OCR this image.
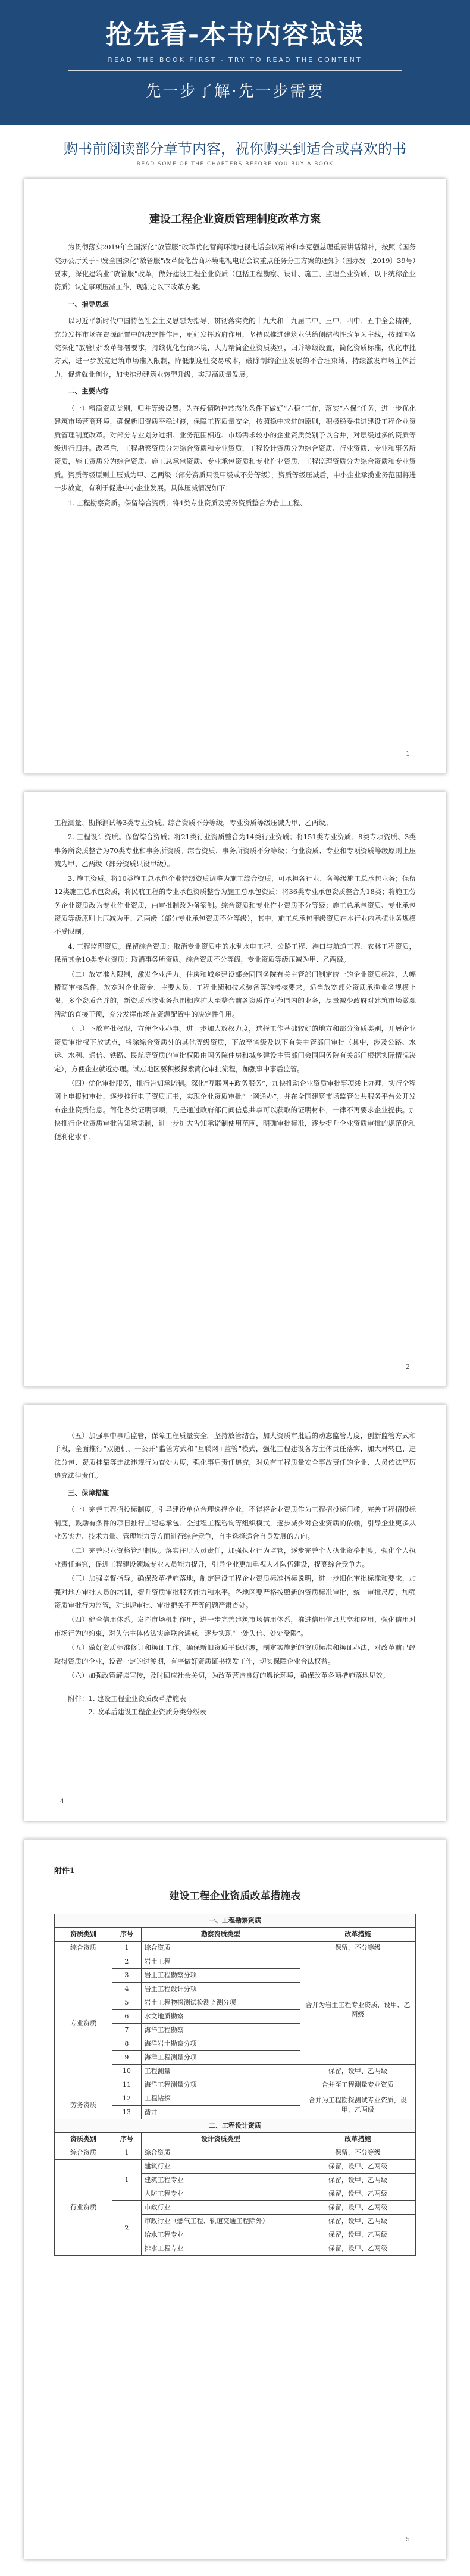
抢先看-本书内容试读
READ THE BOOK FIRST - TRY TO READ THE CONTENT
先一步了解·先一步需要
购书前阅读部分章节内容，祝你购买到适合或喜欢的书
READ SOME OF THE CHAPTERS BEFORE YOU BUY A BOOK
建设工程企业资质管理制度改革方案

为贯彻落实2019年全国深化“放管服”改革优化营商环境电视电话会议精神和李克强总理重要讲话精神，按照《国务院办公厅关于印发全国深化“放管服”改革优化营商环境电视电话会议重点任务分工方案的通知》（国办发〔2019〕39号）要求，深化建筑业“放管服”改革，做好建设工程企业资质（包括工程勘察、设计、施工、监理企业资质，以下统称企业资质）认定事项压减工作，现制定以下改革方案。

一、指导思想

以习近平新时代中国特色社会主义思想为指导，贯彻落实党的十九大和十九届二中、三中、四中、五中全会精神，充分发挥市场在资源配置中的决定性作用，更好发挥政府作用，坚持以推进建筑业供给侧结构性改革为主线，按照国务院深化“放管服”改革部署要求，持续优化营商环境，大力精简企业资质类别，归并等级设置，简化资质标准，优化审批方式，进一步放宽建筑市场准入限制，降低制度性交易成本，破除制约企业发展的不合理束缚，持续激发市场主体活力，促进就业创业，加快推动建筑业转型升级，实现高质量发展。

二、主要内容

（一）精简资质类别，归并等级设置。为在疫情防控常态化条件下做好“六稳”工作，落实“六保”任务，进一步优化建筑市场营商环境，确保新旧资质平稳过渡，保障工程质量安全，按照稳中求进的原则，积极稳妥推进建设工程企业资质管理制度改革。对部分专业划分过细、业务范围相近、市场需求较小的企业资质类别予以合并，对层级过多的资质等级进行归并。改革后，工程勘察资质分为综合资质和专业资质，工程设计资质分为综合资质、行业资质、专业和事务所资质，施工资质分为综合资质、施工总承包资质、专业承包资质和专业作业资质，工程监理资质分为综合资质和专业资质。资质等级原则上压减为甲、乙两级（部分资质只设甲级或不分等级），资质等级压减后，中小企业承揽业务范围将进一步放宽，有利于促进中小企业发展。具体压减情况如下：

1. 工程勘察资质。保留综合资质；将4类专业资质及劳务资质整合为岩土工程、

1

工程测量、勘探测试等3类专业资质。综合资质不分等级，专业资质等级压减为甲、乙两级。

2. 工程设计资质。保留综合资质；将21类行业资质整合为14类行业资质；将151类专业资质、8类专项资质、3类事务所资质整合为70类专业和事务所资质。综合资质、事务所资质不分等级；行业资质、专业和专项资质等级原则上压减为甲、乙两级（部分资质只设甲级）。

3. 施工资质。将10类施工总承包企业特级资质调整为施工综合资质，可承担各行业、各等级施工总承包业务；保留12类施工总承包资质，将民航工程的专业承包资质整合为施工总承包资质；将36类专业承包资质整合为18类；将施工劳务企业资质改为专业作业资质，由审批制改为备案制。综合资质和专业作业资质不分等级；施工总承包资质、专业承包资质等级原则上压减为甲、乙两级（部分专业承包资质不分等级），其中，施工总承包甲级资质在本行业内承揽业务规模不受限制。

4. 工程监理资质。保留综合资质；取消专业资质中的水利水电工程、公路工程、港口与航道工程、农林工程资质，保留其余10类专业资质；取消事务所资质。综合资质不分等级，专业资质等级压减为甲、乙两级。

（二）放宽准入限制，激发企业活力。住房和城乡建设部会同国务院有关主管部门制定统一的企业资质标准，大幅精简审核条件，放宽对企业资金、主要人员、工程业绩和技术装备等的考核要求。适当放宽部分资质承揽业务规模上限，多个资质合并的，新资质承接业务范围相应扩大至整合前各资质许可范围内的业务，尽量减少政府对建筑市场微观活动的直接干预，充分发挥市场在资源配置中的决定性作用。

（三）下放审批权限，方便企业办事。进一步加大放权力度，选择工作基础较好的地方和部分资质类别，开展企业资质审批权下放试点，将除综合资质外的其他等级资质，下放至省级及以下有关主管部门审批（其中，涉及公路、水运、水利、通信、铁路、民航等资质的审批权限由国务院住房和城乡建设主管部门会同国务院有关部门根据实际情况决定），方便企业就近办理。试点地区要积极探索简化审批流程，加强事中事后监管。

（四）优化审批服务，推行告知承诺制。深化“互联网+政务服务”，加快推动企业资质审批事项线上办理，实行全程网上申报和审批，逐步推行电子资质证书，实现企业资质审批“一网通办”，并在全国建筑市场监管公共服务平台公开发布企业资质信息。简化各类证明事项，凡是通过政府部门间信息共享可以获取的证明材料，一律不再要求企业提供。加快推行企业资质审批告知承诺制，进一步扩大告知承诺制使用范围，明确审批标准，逐步提升企业资质审批的规范化和便利化水平。

2

（五）加强事中事后监管，保障工程质量安全。坚持放管结合，加大资质审批后的动态监管力度，创新监管方式和手段，全面推行“双随机、一公开”监管方式和“互联网+监管”模式，强化工程建设各方主体责任落实，加大对转包、违法分包、资质挂靠等违法违规行为查处力度，强化事后责任追究，对负有工程质量安全事故责任的企业、人员依法严厉追究法律责任。

三、保障措施

（一）完善工程招投标制度。引导建设单位合理选择企业，不得将企业资质作为工程招投标门槛。完善工程招投标制度，鼓励有条件的项目推行工程总承包、全过程工程咨询等组织模式，逐步减少对企业资质的依赖，引导企业更多从业务实力、技术力量、管理能力等方面进行综合竞争，自主选择适合自身发展的方向。

（二）完善职业资格管理制度。落实注册人员责任，加强执业行为监管，逐步完善个人执业资格制度，强化个人执业责任追究，促进工程建设领域专业人员能力提升，引导企业更加重视人才队伍建设，提高综合竞争力。

（三）加强监督指导。确保改革措施落地，制定建设工程企业资质标准指标说明，进一步细化审批标准和要求，加强对地方审批人员的培训，提升资质审批服务能力和水平。各地区要严格按照新的资质标准审批，统一审批尺度，加强资质审批行为监管，对违规审批、审批把关不严等问题严肃查处。

（四）健全信用体系。发挥市场机制作用，进一步完善建筑市场信用体系，推进信用信息共享和应用，强化信用对市场行为的约束，对失信主体依法实施联合惩戒，逐步实现“一处失信、处处受限”。

（五）做好资质标准修订和换证工作。确保新旧资质平稳过渡，制定实施新的资质标准和换证办法，对改革前已经取得资质的企业，设置一定的过渡期，有序做好资质证书换发工作，切实保障企业合法权益。

（六）加强政策解读宣传，及时回应社会关切，为改革营造良好的舆论环境，确保改革各项措施落地见效。

附件：1. 建设工程企业资质改革措施表
2. 改革后建设工程企业资质分类分级表
4
附件1
建设工程企业资质改革措施表
一、工程勘察资质			
资质类别	序号	勘察资质类型	改革措施
综合资质	1	综合资质	保留，不分等级
专业资质	2	岩土工程	合并为岩土工程专业资质，设甲、乙两级
	3	岩土工程勘察分项	
	4	岩土工程设计分项	
	5	岩土工程物探测试检测监测分项	
	6	水文地质勘察	
	7	海洋工程勘察	
	8	海洋岩土勘察分项	
	9	海洋工程测量分项	
	10	工程测量	保留，设甲、乙两级
	11	海洋工程测量分项	合并至工程测量专业资质
劳务资质	12	工程钻探	合并为工程勘探测试专业资质，设甲、乙两级
	13	凿井	
二、工程设计资质			
资质类别	序号	设计资质类型	改革措施
综合资质	1	综合资质	保留，不分等级
行业资质	1	建筑行业	保留，设甲、乙两级
		建筑工程专业	保留，设甲、乙两级
		人防工程专业	保留，设甲、乙两级
	2	市政行业	保留，设甲、乙两级
		市政行业（燃气工程、轨道交通工程除外）	保留，设甲、乙两级
		给水工程专业	保留，设甲、乙两级
		排水工程专业	保留，设甲、乙两级
5
